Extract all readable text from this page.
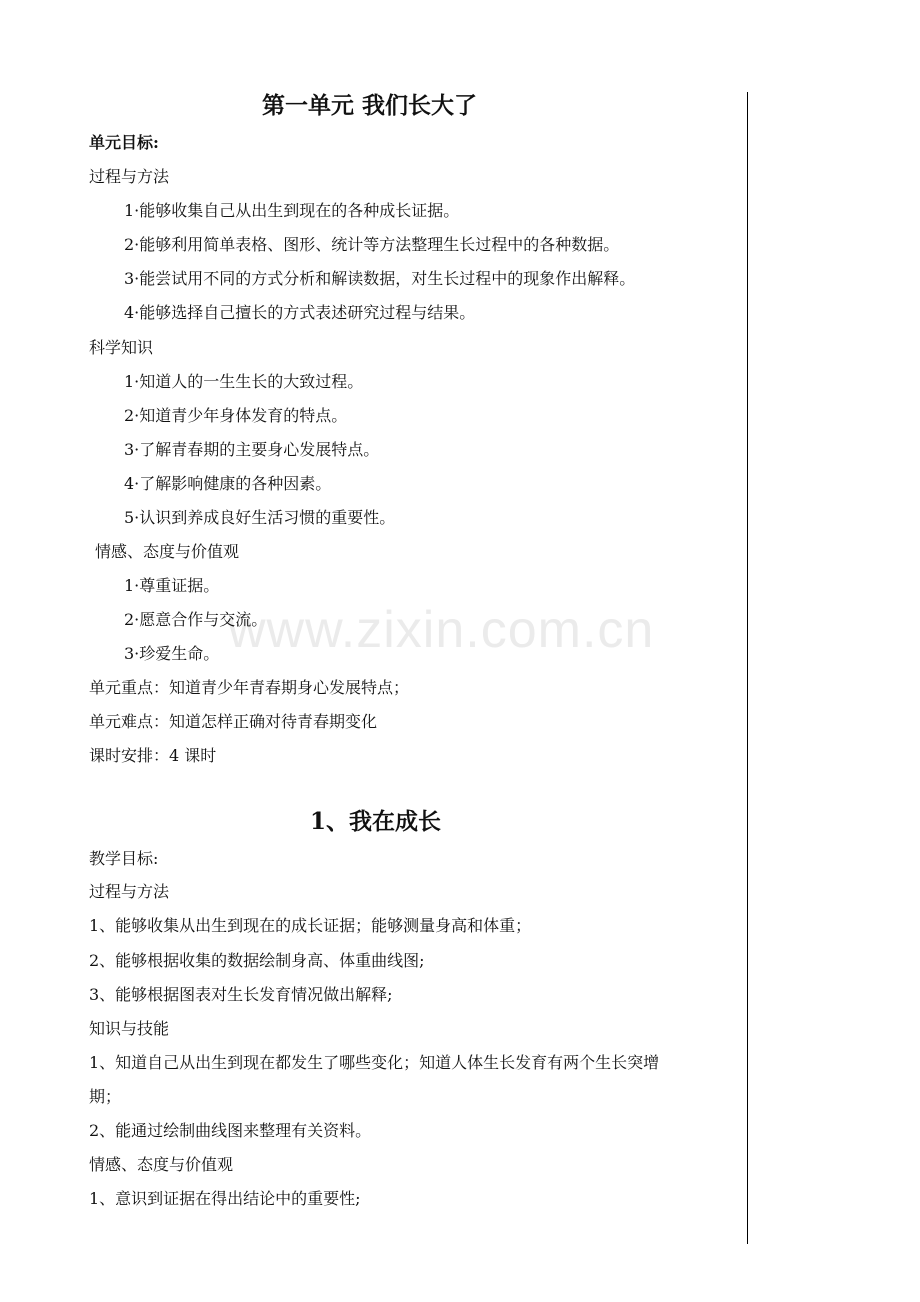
www.zixin.com.cn
第一单元 我们长大了
单元目标:
过程与方法
1·能够收集自己从出生到现在的各种成长证据。
2·能够利用简单表格、图形、统计等方法整理生长过程中的各种数据。
3·能尝试用不同的方式分析和解读数据，对生长过程中的现象作出解释。
4·能够选择自己擅长的方式表述研究过程与结果。
科学知识
1·知道人的一生生长的大致过程。
2·知道青少年身体发育的特点。
3·了解青春期的主要身心发展特点。
4·了解影响健康的各种因素。
5·认识到养成良好生活习惯的重要性。
情感、态度与价值观
1·尊重证据。
2·愿意合作与交流。
3·珍爱生命。
单元重点：知道青少年青春期身心发展特点；
单元难点：知道怎样正确对待青春期变化
课时安排：4 课时
1、我在成长
教学目标:
过程与方法
1、能够收集从出生到现在的成长证据；能够测量身高和体重；
2、能够根据收集的数据绘制身高、体重曲线图;
3、能够根据图表对生长发育情况做出解释;
知识与技能
1、知道自己从出生到现在都发生了哪些变化；知道人体生长发育有两个生长突增
期；
2、能通过绘制曲线图来整理有关资料。
情感、态度与价值观
1、意识到证据在得出结论中的重要性;
